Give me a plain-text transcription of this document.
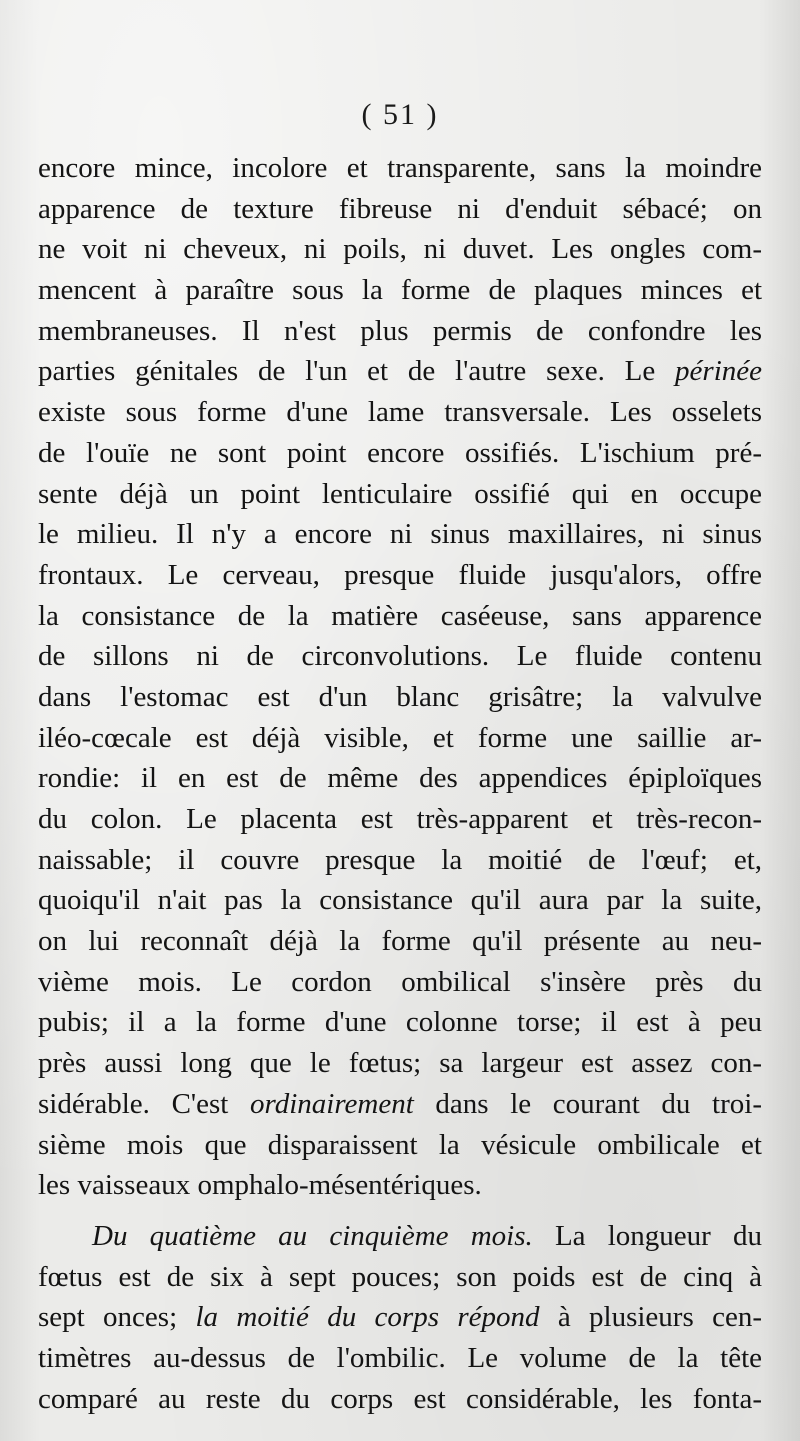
( 51 )
encore mince, incolore et transparente, sans la moindre
apparence de texture fibreuse ni d'enduit sébacé; on
ne voit ni cheveux, ni poils, ni duvet. Les ongles com-
mencent à paraître sous la forme de plaques minces et
membraneuses. Il n'est plus permis de confondre les
parties génitales de l'un et de l'autre sexe. Le périnée
existe sous forme d'une lame transversale. Les osselets
de l'ouïe ne sont point encore ossifiés. L'ischium pré-
sente déjà un point lenticulaire ossifié qui en occupe
le milieu. Il n'y a encore ni sinus maxillaires, ni sinus
frontaux. Le cerveau, presque fluide jusqu'alors, offre
la consistance de la matière caséeuse, sans apparence
de sillons ni de circonvolutions. Le fluide contenu
dans l'estomac est d'un blanc grisâtre; la valvulve
iléo-cœcale est déjà visible, et forme une saillie ar-
rondie: il en est de même des appendices épiploïques
du colon. Le placenta est très-apparent et très-recon-
naissable; il couvre presque la moitié de l'œuf; et,
quoiqu'il n'ait pas la consistance qu'il aura par la suite,
on lui reconnaît déjà la forme qu'il présente au neu-
vième mois. Le cordon ombilical s'insère près du
pubis; il a la forme d'une colonne torse; il est à peu
près aussi long que le fœtus; sa largeur est assez con-
sidérable. C'est ordinairement dans le courant du troi-
sième mois que disparaissent la vésicule ombilicale et
les vaisseaux omphalo-mésentériques.
Du quatième au cinquième mois. La longueur du
fœtus est de six à sept pouces; son poids est de cinq à
sept onces; la moitié du corps répond à plusieurs cen-
timètres au-dessus de l'ombilic. Le volume de la tête
comparé au reste du corps est considérable, les fonta-
